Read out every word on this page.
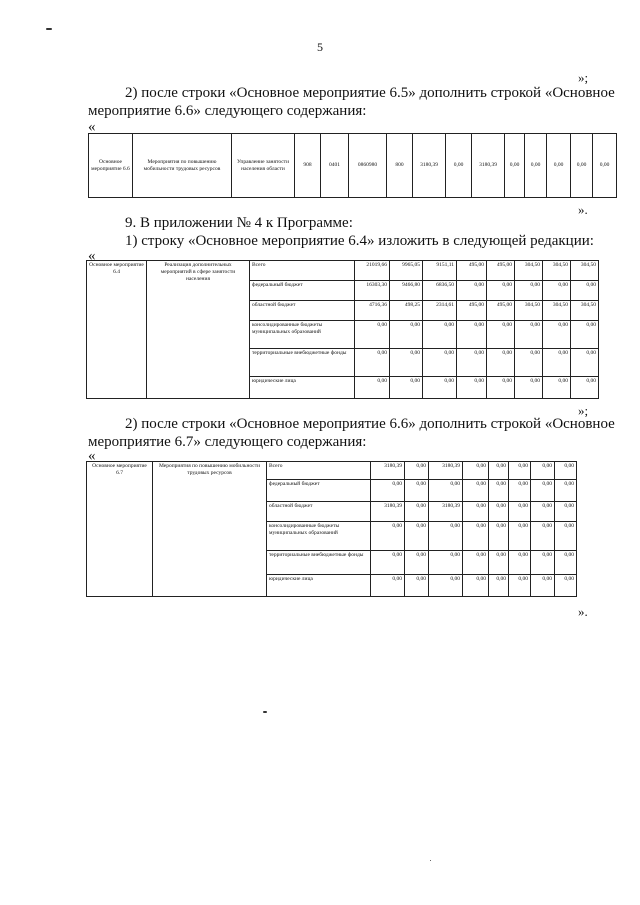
5
»;
2) после строки «Основное мероприятие 6.5» дополнить строкой «Основное
мероприятие 6.6» следующего содержания:
«
Основное мероприятие 6.6	Мероприятия по повышению мобильности трудовых ресурсов	Управление занятости населения области	908	0401	0860980	800	3180,39	0,00	3180,39	0,00	0,00	0,00	0,00	0,00
».
9. В приложении № 4 к Программе:
1) строку «Основное мероприятие 6.4» изложить в следующей редакции:
«
Основное мероприятие 6.4	Реализация дополнительных мероприятий в сфере занятости населения	Всего	21019,66	9965,05	9151,11	495,00	495,00	304,50	304,50	304,50
		федеральный бюджет	16303,30	9466,80	6836,50	0,00	0,00	0,00	0,00	0,00
		областной бюджет	4716,36	498,25	2314,61	495,00	495,00	304,50	304,50	304,50
		консолидированные бюджеты муниципальных образований	0,00	0,00	0,00	0,00	0,00	0,00	0,00	0,00
		территориальные внебюджетные фонды	0,00	0,00	0,00	0,00	0,00	0,00	0,00	0,00
		юридические лица	0,00	0,00	0,00	0,00	0,00	0,00	0,00	0,00
»;
2) после строки «Основное мероприятие 6.6» дополнить строкой «Основное
мероприятие 6.7» следующего содержания:
«
Основное мероприятие 6.7	Мероприятия по повышению мобильности трудовых ресурсов	Всего	3180,39	0,00	3180,39	0,00	0,00	0,00	0,00	0,00
		федеральный бюджет	0,00	0,00	0,00	0,00	0,00	0,00	0,00	0,00
		областной бюджет	3180,39	0,00	3180,39	0,00	0,00	0,00	0,00	0,00
		консолидированные бюджеты муниципальных образований	0,00	0,00	0,00	0,00	0,00	0,00	0,00	0,00
		территориальные внебюджетные фонды	0,00	0,00	0,00	0,00	0,00	0,00	0,00	0,00
		юридические лица	0,00	0,00	0,00	0,00	0,00	0,00	0,00	0,00
».
